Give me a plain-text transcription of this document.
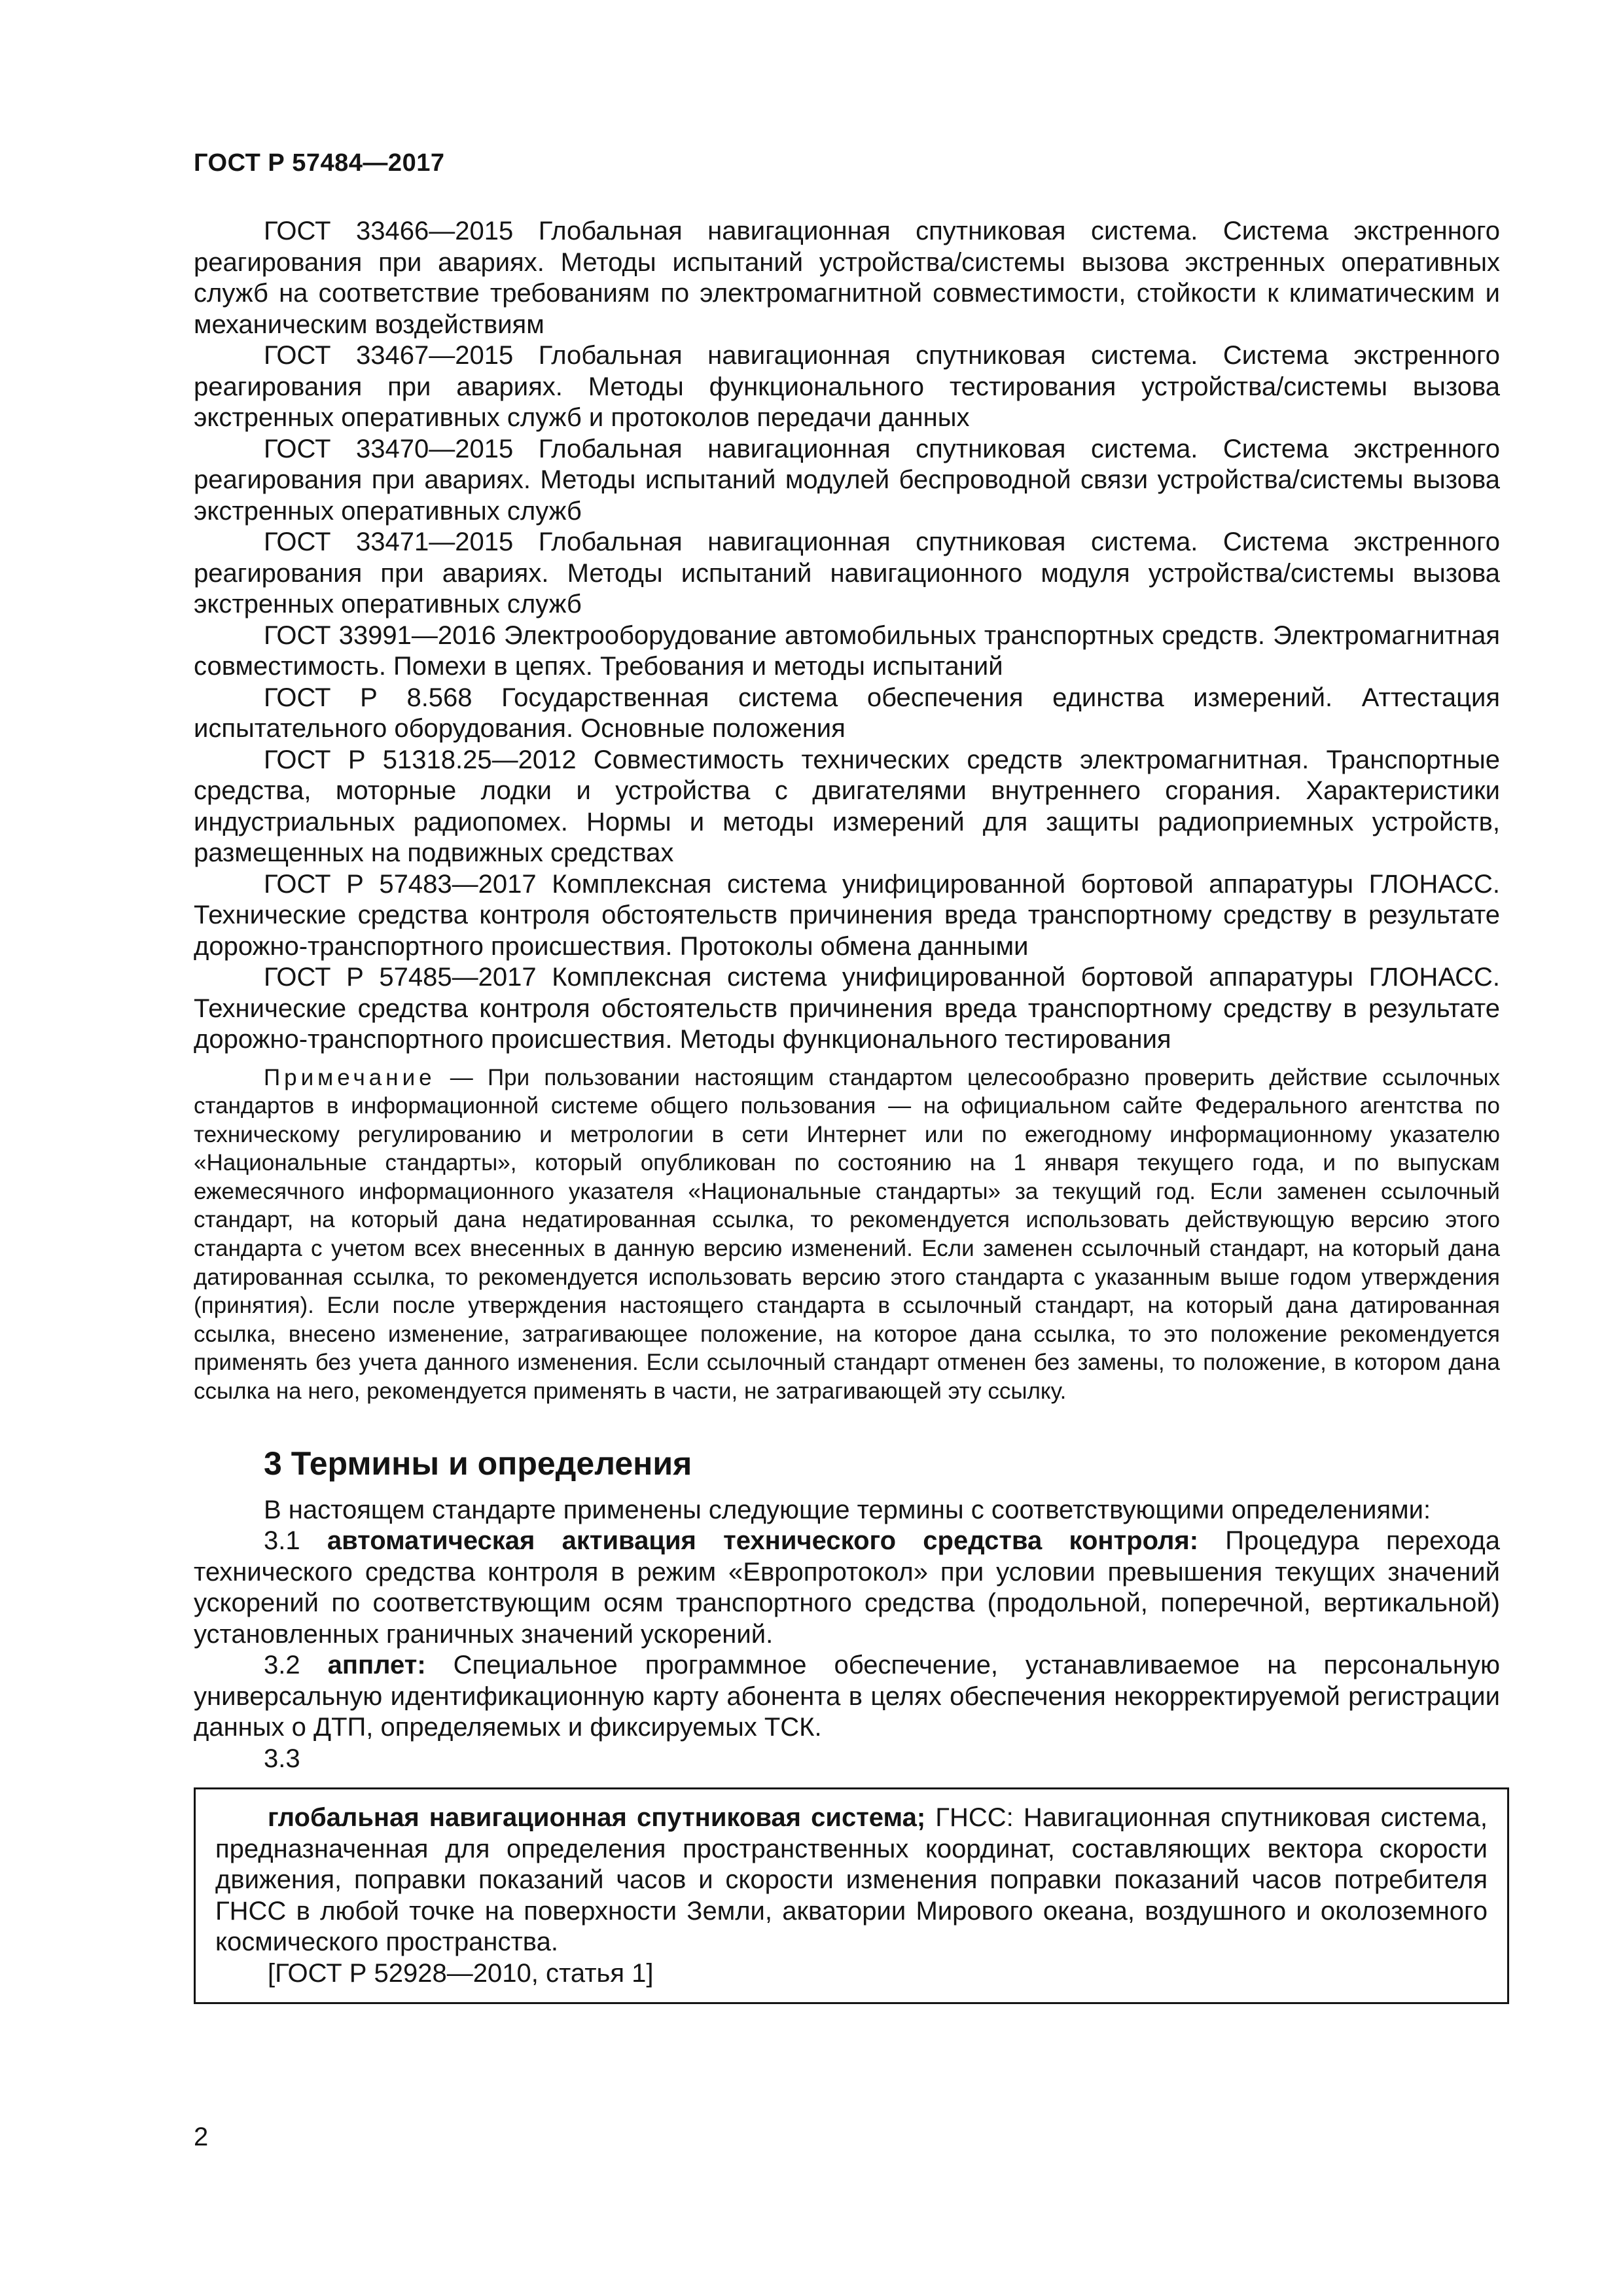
ГОСТ Р 57484—2017

ГОСТ 33466—2015 Глобальная навигационная спутниковая система. Система экстренного реагирования при авариях. Методы испытаний устройства/системы вызова экстренных оперативных служб на соответствие требованиям по электромагнитной совместимости, стойкости к климатическим и механическим воздействиям

ГОСТ 33467—2015 Глобальная навигационная спутниковая система. Система экстренного реагирования при авариях. Методы функционального тестирования устройства/системы вызова экстренных оперативных служб и протоколов передачи данных

ГОСТ 33470—2015 Глобальная навигационная спутниковая система. Система экстренного реагирования при авариях. Методы испытаний модулей беспроводной связи устройства/системы вызова экстренных оперативных служб

ГОСТ 33471—2015 Глобальная навигационная спутниковая система. Система экстренного реагирования при авариях. Методы испытаний навигационного модуля устройства/системы вызова экстренных оперативных служб

ГОСТ 33991—2016 Электрооборудование автомобильных транспортных средств. Электромагнитная совместимость. Помехи в цепях. Требования и методы испытаний

ГОСТ Р 8.568 Государственная система обеспечения единства измерений. Аттестация испытательного оборудования. Основные положения

ГОСТ Р 51318.25—2012 Совместимость технических средств электромагнитная. Транспортные средства, моторные лодки и устройства с двигателями внутреннего сгорания. Характеристики индустриальных радиопомех. Нормы и методы измерений для защиты радиоприемных устройств, размещенных на подвижных средствах

ГОСТ Р 57483—2017 Комплексная система унифицированной бортовой аппаратуры ГЛОНАСС. Технические средства контроля обстоятельств причинения вреда транспортному средству в результате дорожно-транспортного происшествия. Протоколы обмена данными

ГОСТ Р 57485—2017 Комплексная система унифицированной бортовой аппаратуры ГЛОНАСС. Технические средства контроля обстоятельств причинения вреда транспортному средству в результате дорожно-транспортного происшествия. Методы функционального тестирования

Примечание — При пользовании настоящим стандартом целесообразно проверить действие ссылочных стандартов в информационной системе общего пользования — на официальном сайте Федерального агентства по техническому регулированию и метрологии в сети Интернет или по ежегодному информационному указателю «Национальные стандарты», который опубликован по состоянию на 1 января текущего года, и по выпускам ежемесячного информационного указателя «Национальные стандарты» за текущий год. Если заменен ссылочный стандарт, на который дана недатированная ссылка, то рекомендуется использовать действующую версию этого стандарта с учетом всех внесенных в данную версию изменений. Если заменен ссылочный стандарт, на который дана датированная ссылка, то рекомендуется использовать версию этого стандарта с указанным выше годом утверждения (принятия). Если после утверждения настоящего стандарта в ссылочный стандарт, на который дана датированная ссылка, внесено изменение, затрагивающее положение, на которое дана ссылка, то это положение рекомендуется применять без учета данного изменения. Если ссылочный стандарт отменен без замены, то положение, в котором дана ссылка на него, рекомендуется применять в части, не затрагивающей эту ссылку.

3 Термины и определения

В настоящем стандарте применены следующие термины с соответствующими определениями:

3.1 автоматическая активация технического средства контроля: Процедура перехода технического средства контроля в режим «Европротокол» при условии превышения текущих значений ускорений по соответствующим осям транспортного средства (продольной, поперечной, вертикальной) установленных граничных значений ускорений.

3.2 апплет: Специальное программное обеспечение, устанавливаемое на персональную универсальную идентификационную карту абонента в целях обеспечения некорректируемой регистрации данных о ДТП, определяемых и фиксируемых ТСК.

3.3

глобальная навигационная спутниковая система; ГНСС: Навигационная спутниковая система, предназначенная для определения пространственных координат, составляющих вектора скорости движения, поправки показаний часов и скорости изменения поправки показаний часов потребителя ГНСС в любой точке на поверхности Земли, акватории Мирового океана, воздушного и околоземного космического пространства.

[ГОСТ Р 52928—2010, статья 1]

2
